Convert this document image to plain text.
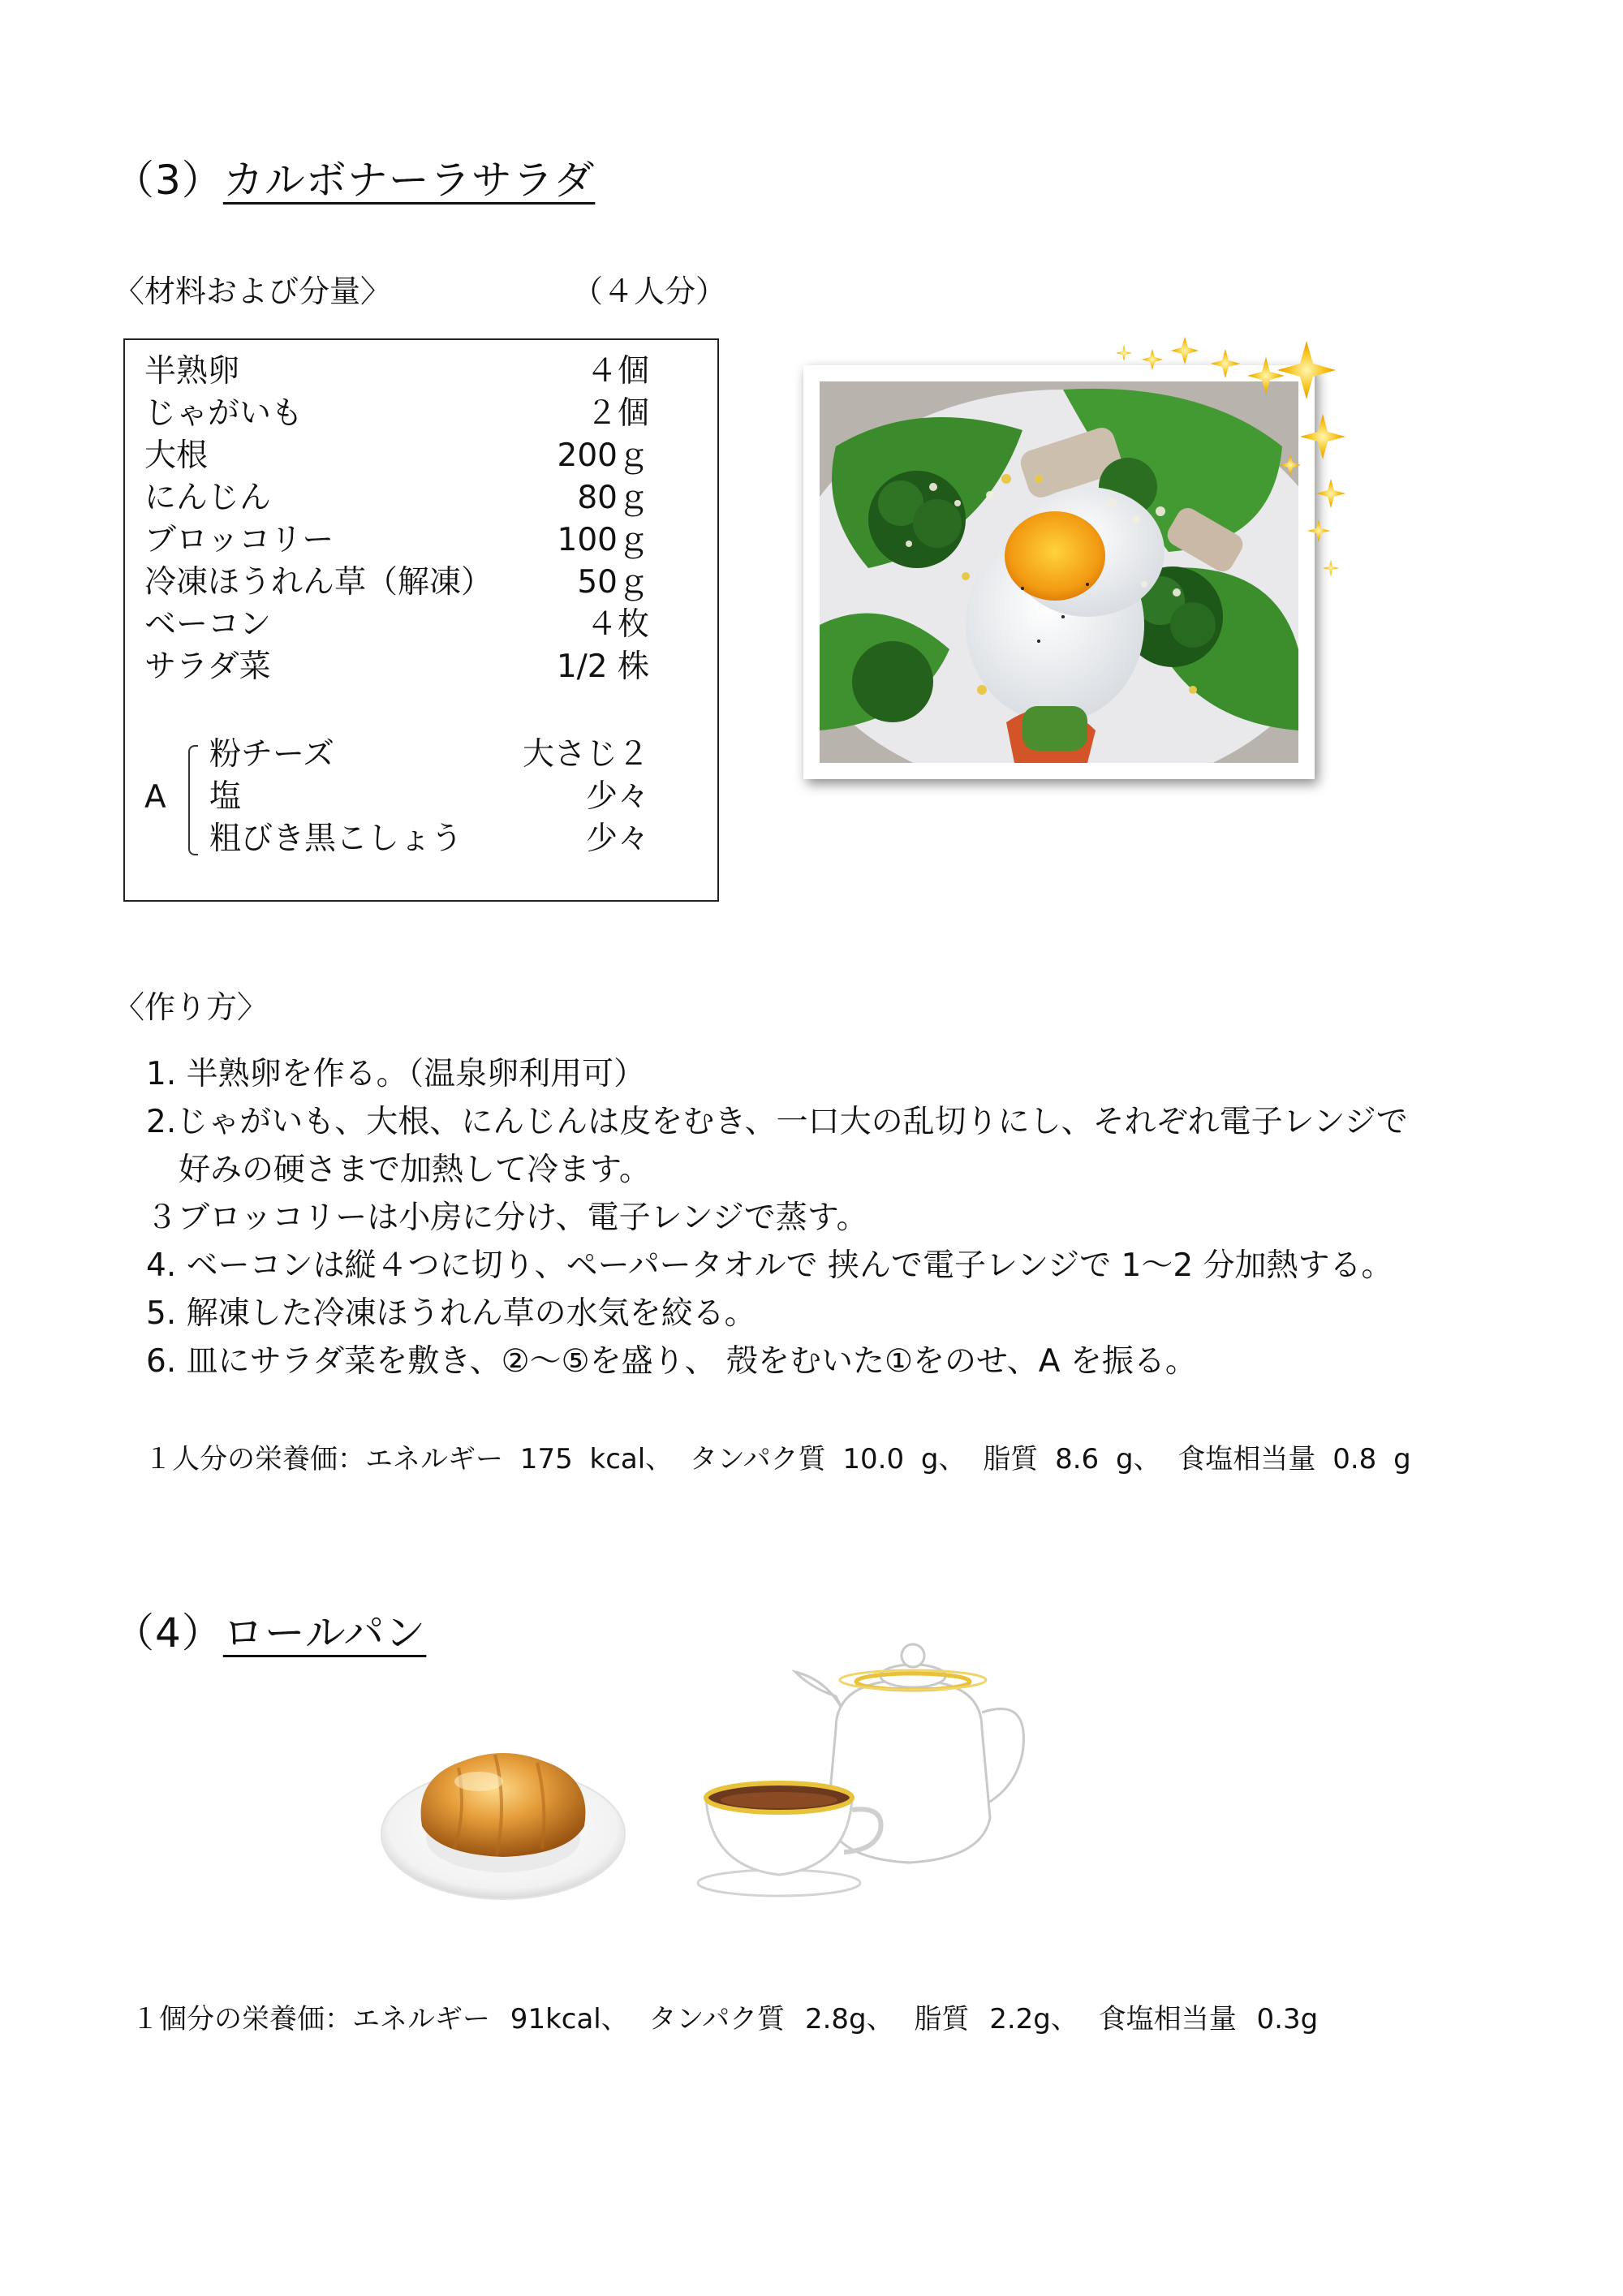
（3）カルボナーラサラダ
〈材料および分量〉	（４人分）
半熟卵	４個
じゃがいも	２個
大根	200ｇ
にんじん	80ｇ
ブロッコリー	100ｇ
冷凍ほうれん草（解凍）	50ｇ
ベーコン	４枚
サラダ菜	1/2 株
A
粉チーズ	大さじ２
塩	少々
粗びき黒こしょう	少々
〈作り方〉
1. 半熟卵を作る。（温泉卵利用可）
2.じゃがいも、大根、にんじんは皮をむき、一口大の乱切りにし、それぞれ電子レンジで
好みの硬さまで加熱して冷ます。
３ブロッコリーは小房に分け、電子レンジで蒸す。
4. ベーコンは縦４つに切り、ペーパータオルで 挟んで電子レンジで 1～2 分加熱する。
5. 解凍した冷凍ほうれん草の水気を絞る。
6. 皿にサラダ菜を敷き、②～⑤を盛り、 殻をむいた①をのせ、A を振る。
１人分の栄養価：エネルギー 175 kcal、 タンパク質 10.0 g、 脂質 8.6 g、 食塩相当量 0.8 g
（4）ロールパン
１個分の栄養価：エネルギー 91kcal、 タンパク質 2.8g、 脂質 2.2g、 食塩相当量 0.3g
